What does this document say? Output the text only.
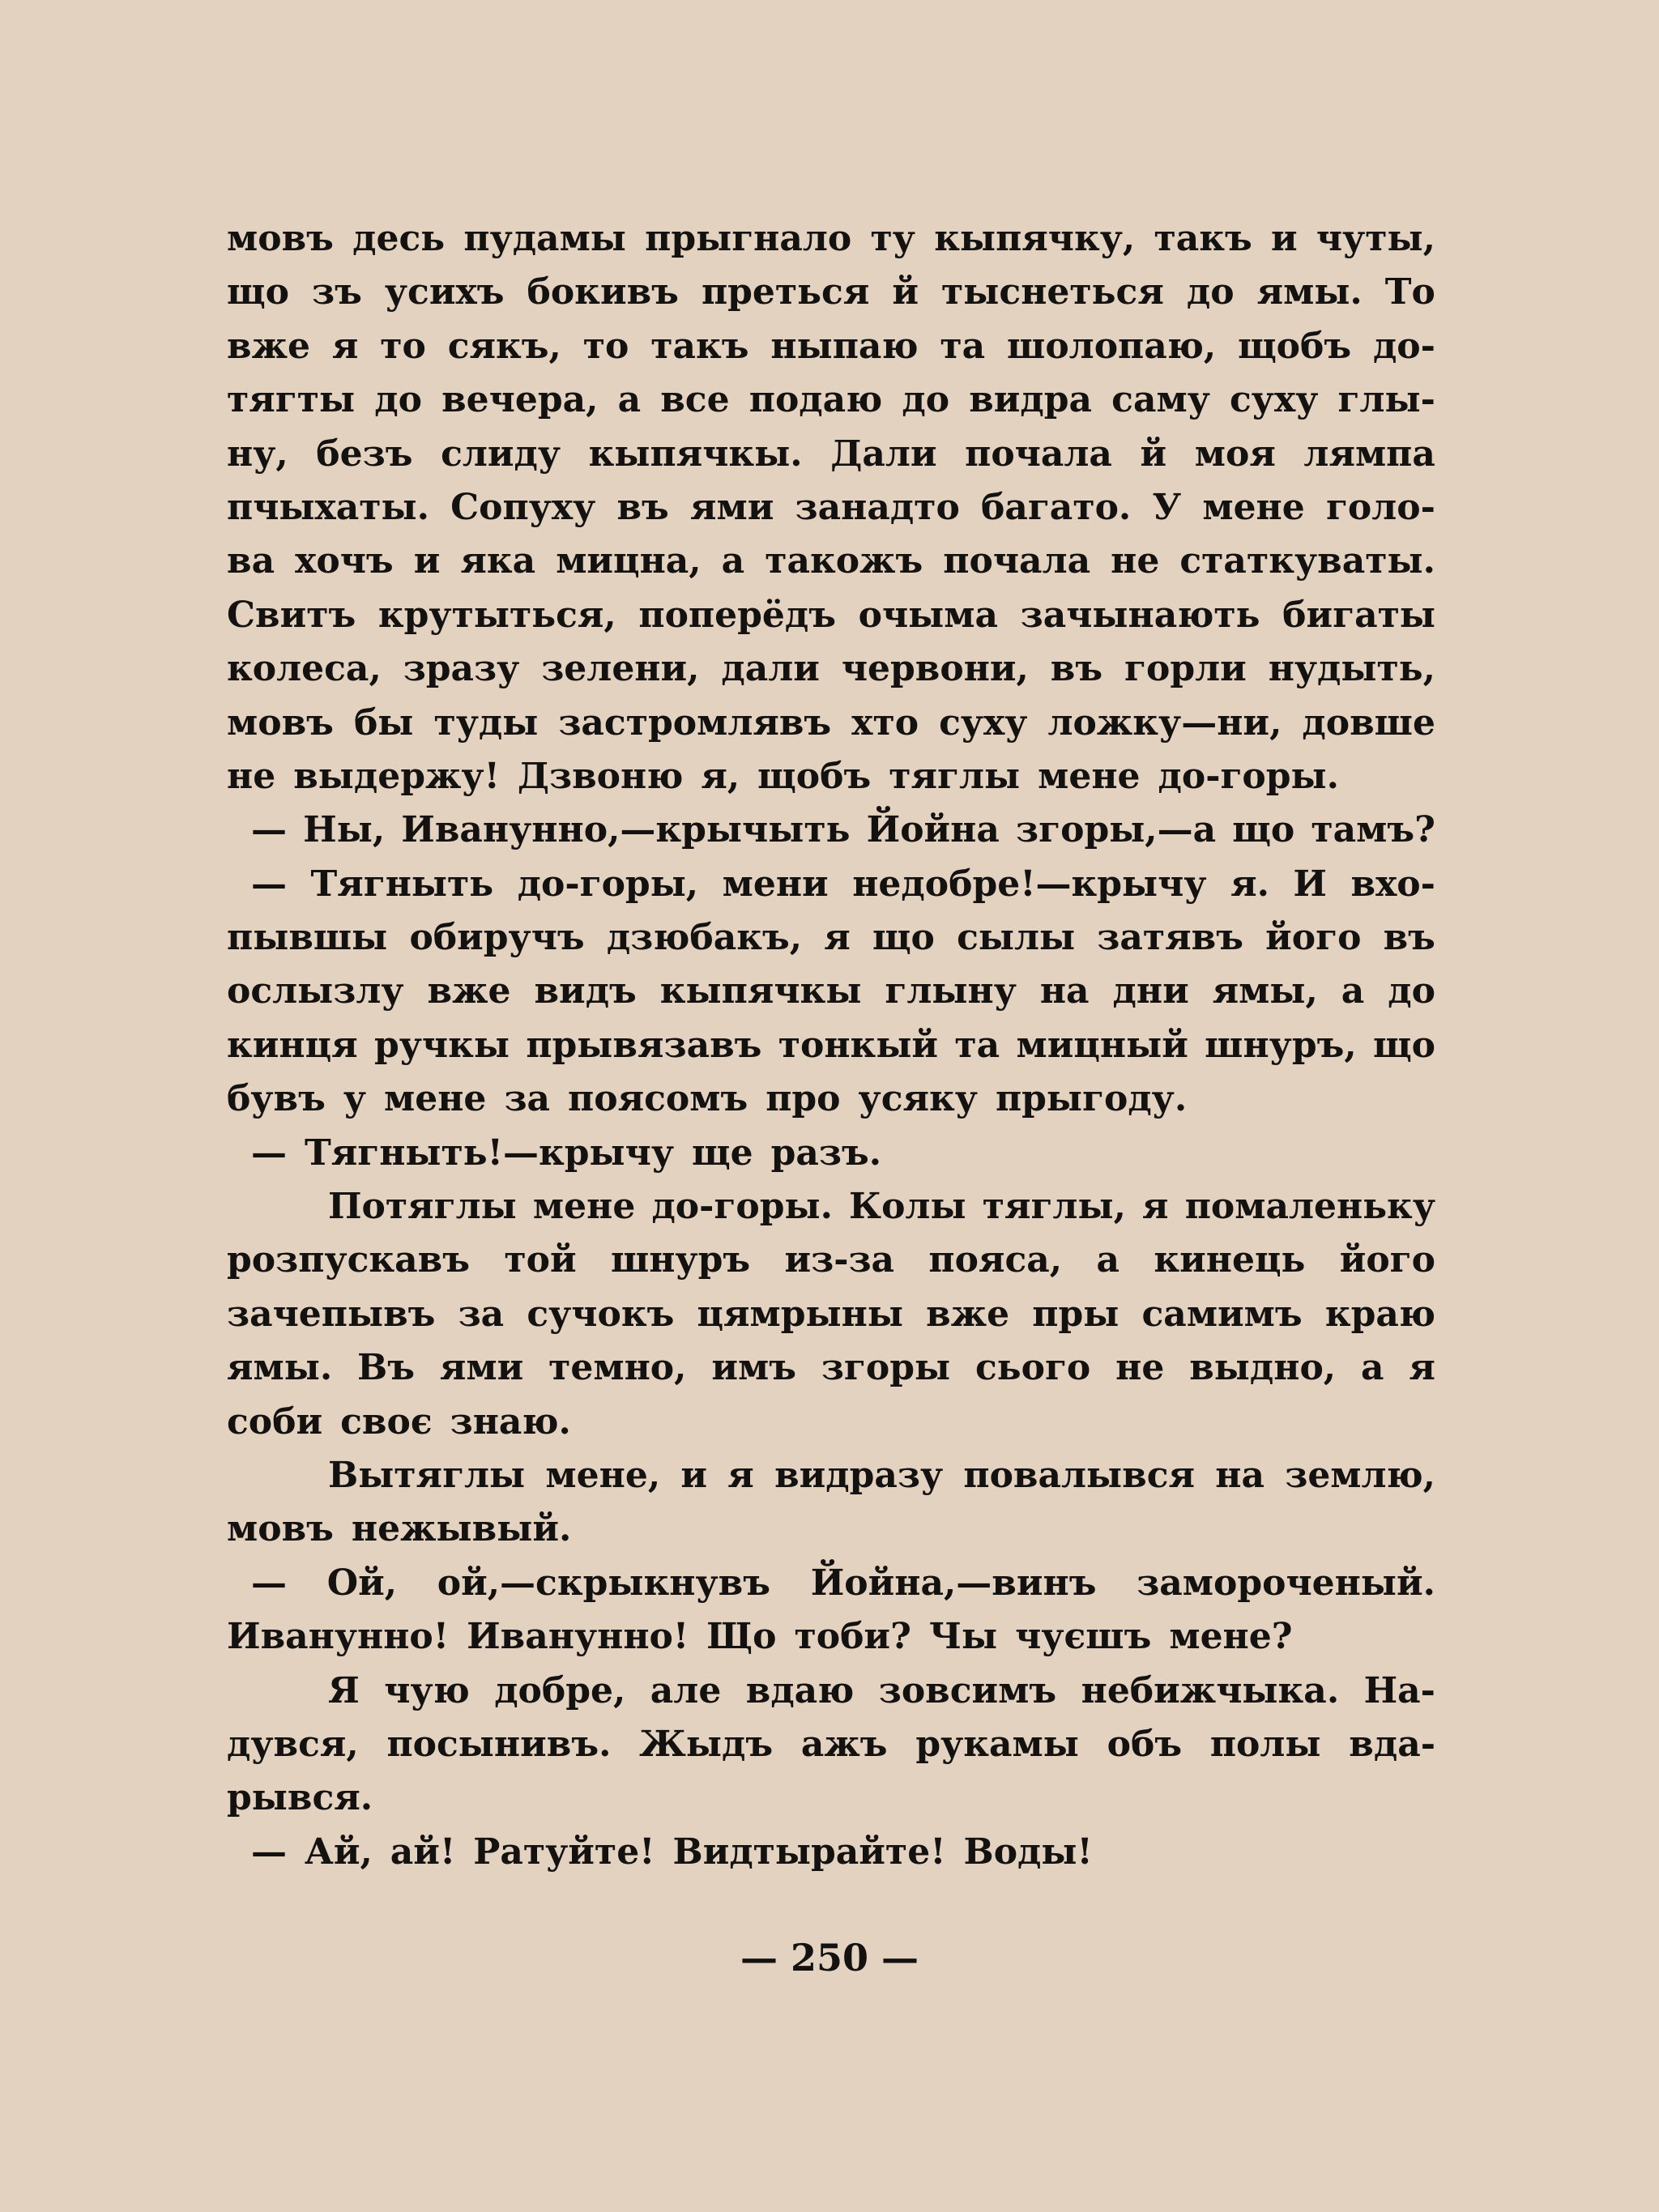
мовъ десь пудамы прыгнало ту кыпячку, такъ и чуты,
що зъ усихъ бокивъ преться й тыснеться до ямы. То
вже я то сякъ, то такъ ныпаю та шолопаю, щобъ до-
тягты до вечера, а все подаю до видра саму суху глы-
ну, безъ слиду кыпячкы. Дали почала й моя лямпа
пчыхаты. Сопуху въ ями занадто багато. У мене голо-
ва хочъ и яка мицна, а такожъ почала не статкуваты.
Свитъ крутыться, поперёдъ очыма зачынають бигаты
колеса, зразу зелени, дали червони, въ горли нудыть,
мовъ бы туды застромлявъ хто суху ложку—ни, довше
не выдержу! Дзвоню я, щобъ тяглы мене до-горы.
— Ны, Иванунно,—крычыть Йойна згоры,—а що тамъ?
— Тягныть до-горы, мени недобре!—крычу я. И вхо-
пывшы обиручъ дзюбакъ, я що сылы затявъ його въ
ослызлу вже видъ кыпячкы глыну на дни ямы, а до
кинця ручкы прывязавъ тонкый та мицный шнуръ, що
бувъ у мене за поясомъ про усяку прыгоду.
— Тягныть!—крычу ще разъ.
Потяглы мене до-горы. Колы тяглы, я помаленьку
розпускавъ той шнуръ из-за пояса, а кинець його
зачепывъ за сучокъ цямрыны вже пры самимъ краю
ямы. Въ ями темно, имъ згоры сього не выдно, а я
соби своє знаю.
Вытяглы мене, и я видразу повалывся на землю,
мовъ нежывый.
— Ой, ой,—скрыкнувъ Йойна,—винъ замороченый.
Иванунно! Иванунно! Що тоби? Чы чуєшъ мене?
Я чую добре, але вдаю зовсимъ небижчыка. На-
дувся, посынивъ. Жыдъ ажъ рукамы объ полы вда-
рывся.
— Ай, ай! Ратуйте! Видтырайте! Воды!
— 250 —
